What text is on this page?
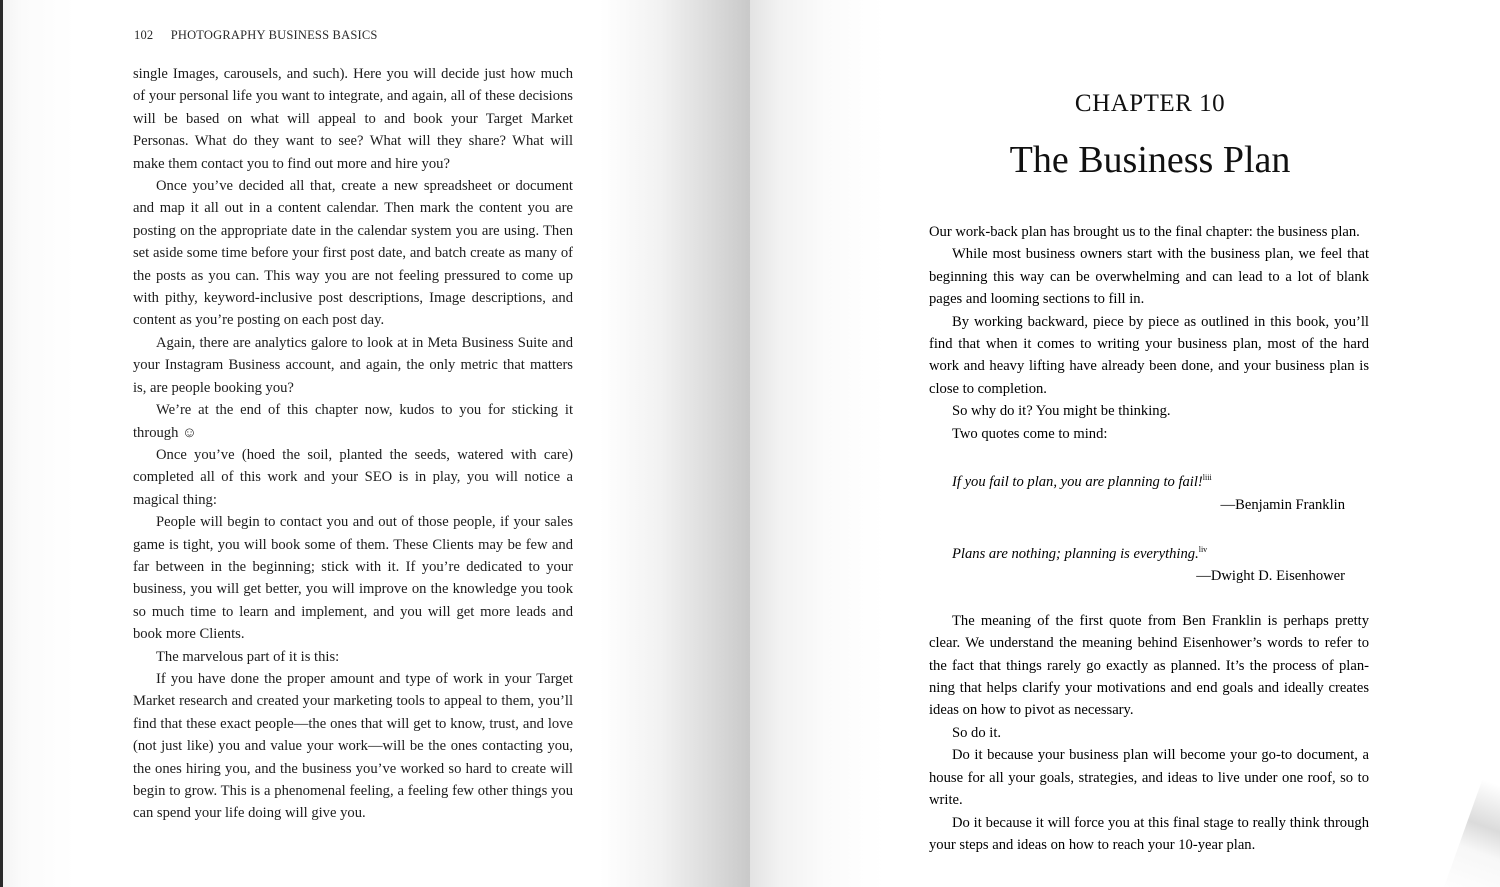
102 PHOTOGRAPHY BUSINESS BASICS

single Images, carousels, and such). Here you will decide just how much of your personal life you want to integrate, and again, all of these decisions will be based on what will appeal to and book your Target Market Personas. What do they want to see? What will they share? What will make them contact you to find out more and hire you?

Once you’ve decided all that, create a new spreadsheet or document and map it all out in a content calendar. Then mark the content you are posting on the appropriate date in the calendar system you are using. Then set aside some time before your first post date, and batch create as many of the posts as you can. This way you are not feeling pressured to come up with pithy, keyword-inclusive post descriptions, Image descriptions, and content as you’re posting on each post day.

Again, there are analytics galore to look at in Meta Business Suite and your Instagram Business account, and again, the only metric that matters is, are people booking you?

We’re at the end of this chapter now, kudos to you for sticking it through ☺

Once you’ve (hoed the soil, planted the seeds, watered with care) completed all of this work and your SEO is in play, you will notice a magical thing:

People will begin to contact you and out of those people, if your sales game is tight, you will book some of them. These Clients may be few and far between in the beginning; stick with it. If you’re dedicated to your business, you will get better, you will improve on the knowledge you took so much time to learn and implement, and you will get more leads and book more Clients.

The marvelous part of it is this:

If you have done the proper amount and type of work in your Target Market research and created your marketing tools to appeal to them, you’ll find that these exact people—the ones that will get to know, trust, and love (not just like) you and value your work—will be the ones contacting you, the ones hiring you, and the business you’ve worked so hard to create will begin to grow. This is a phenomenal feeling, a feeling few other things you can spend your life doing will give you.

CHAPTER 10
The Business Plan

Our work-back plan has brought us to the final chapter: the business plan.

While most business owners start with the business plan, we feel that beginning this way can be overwhelming and can lead to a lot of blank pages and looming sections to fill in.

By working backward, piece by piece as outlined in this book, you’ll find that when it comes to writing your business plan, most of the hard work and heavy lifting have already been done, and your business plan is close to completion.

So why do it? You might be thinking.

Two quotes come to mind:

If you fail to plan, you are planning to fail!$^{liii}$

—Benjamin Franklin

Plans are nothing; planning is everything.$^{liv}$

—Dwight D. Eisenhower

The meaning of the first quote from Ben Franklin is perhaps pretty clear. We understand the meaning behind Eisenhower’s words to refer to the fact that things rarely go exactly as planned. It’s the process of planning that helps clarify your motivations and end goals and ideally creates ideas on how to pivot as necessary.

So do it.

Do it because your business plan will become your go-to document, a house for all your goals, strategies, and ideas to live under one roof, so to write.

Do it because it will force you at this final stage to really think through your steps and ideas on how to reach your 10-year plan.
